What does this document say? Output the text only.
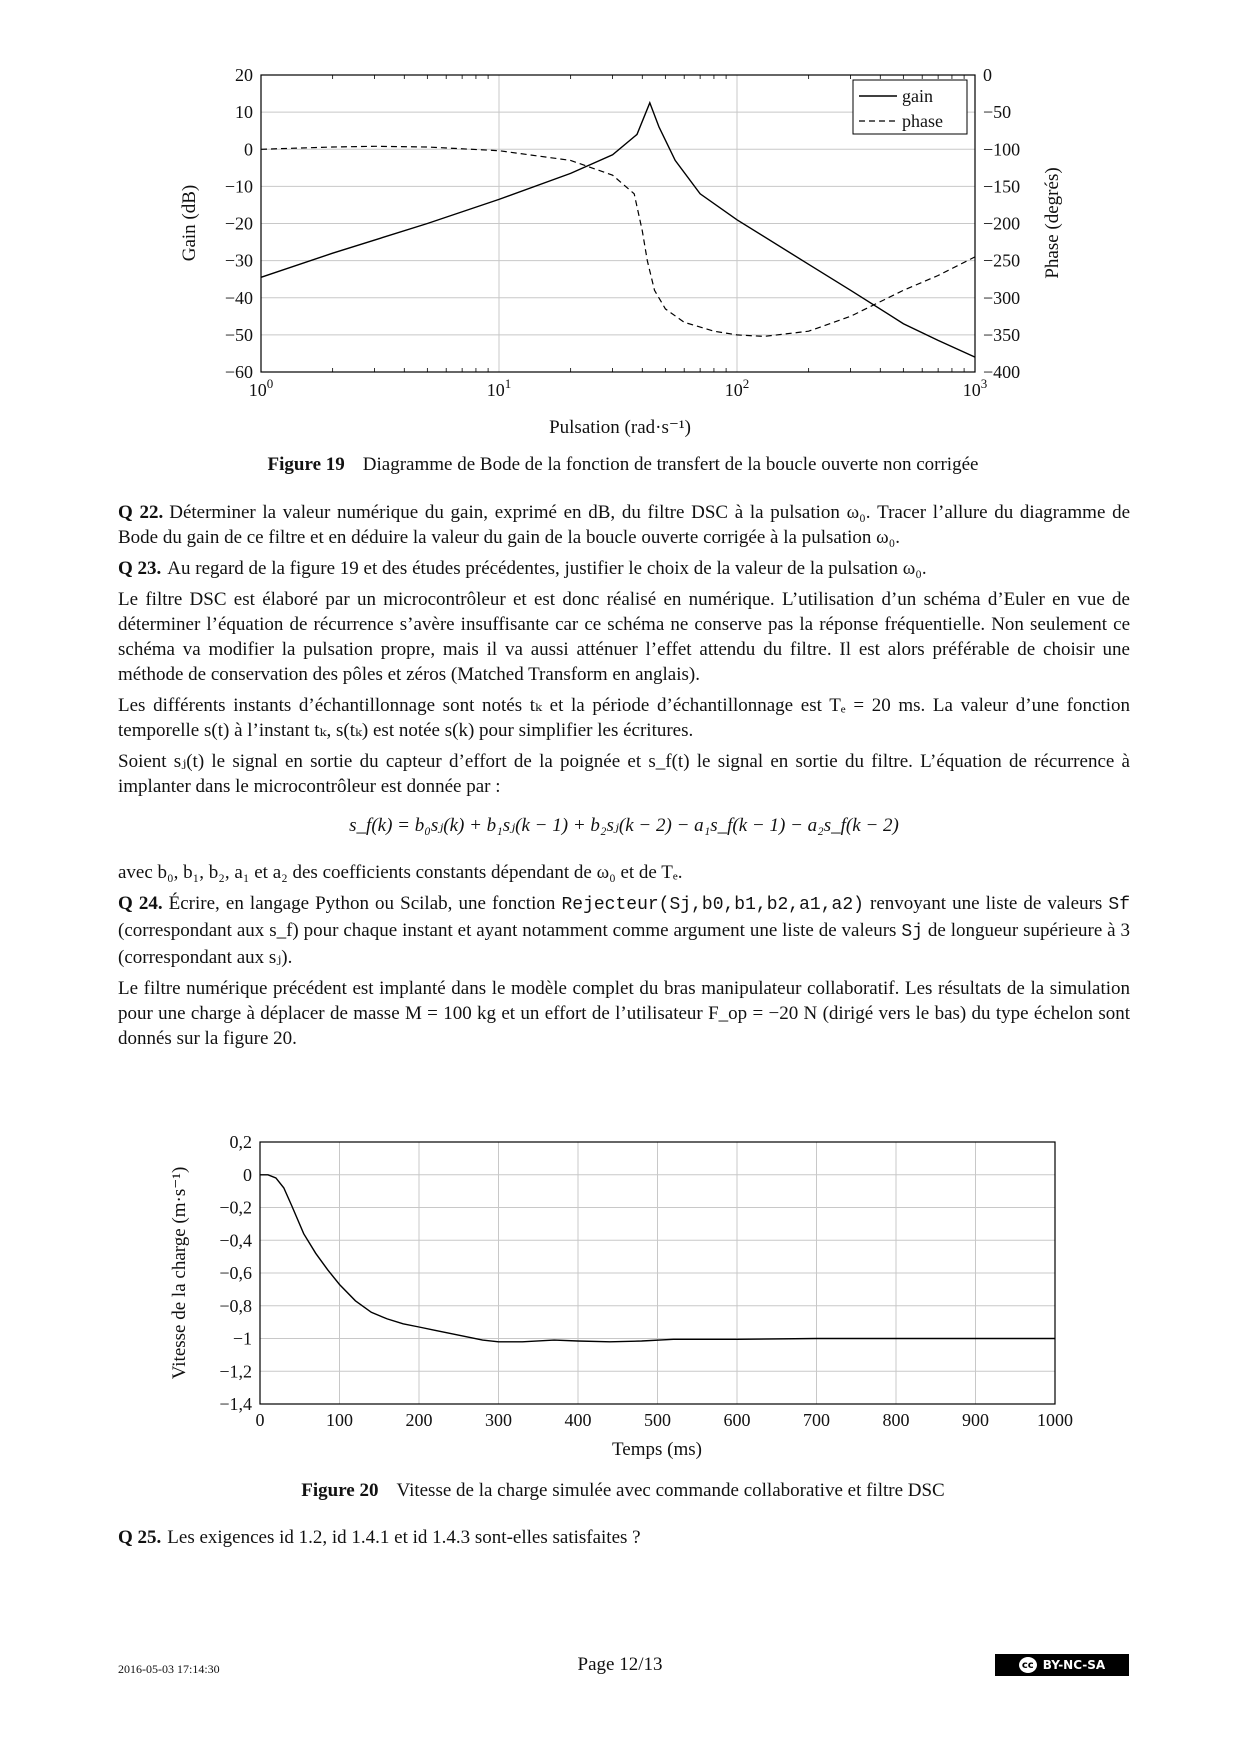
20	0
10	−50
0	−100
−10	−150
−20	−200
−30	−250
−40	−300
−50	−350
−60	−400
$10^0$	$10^1$	$10^2$	$10^3$
gain
phase
Gain (dB)	Phase (degrés)
Pulsation (rad·s⁻¹)
Figure 19 Diagramme de Bode de la fonction de transfert de la boucle ouverte non corrigée

Q 22. Déterminer la valeur numérique du gain, exprimé en dB, du filtre DSC à la pulsation ω₀. Tracer l’allure du diagramme de Bode du gain de ce filtre et en déduire la valeur du gain de la boucle ouverte corrigée à la pulsation ω₀.

Q 23. Au regard de la figure 19 et des études précédentes, justifier le choix de la valeur de la pulsation ω₀.

Le filtre DSC est élaboré par un microcontrôleur et est donc réalisé en numérique. L’utilisation d’un schéma d’Euler en vue de déterminer l’équation de récurrence s’avère insuffisante car ce schéma ne conserve pas la réponse fréquentielle. Non seulement ce schéma va modifier la pulsation propre, mais il va aussi atténuer l’effet attendu du filtre. Il est alors préférable de choisir une méthode de conservation des pôles et zéros (Matched Transform en anglais).

Les différents instants d’échantillonnage sont notés tₖ et la période d’échantillonnage est Tₑ = 20 ms. La valeur d’une fonction temporelle s(t) à l’instant tₖ, s(tₖ) est notée s(k) pour simplifier les écritures.

Soient sⱼ(t) le signal en sortie du capteur d’effort de la poignée et s_f(t) le signal en sortie du filtre. L’équation de récurrence à implanter dans le microcontrôleur est donnée par :

s_f(k) = b₀sⱼ(k) + b₁sⱼ(k − 1) + b₂sⱼ(k − 2) − a₁s_f(k − 1) − a₂s_f(k − 2)

avec b₀, b₁, b₂, a₁ et a₂ des coefficients constants dépendant de ω₀ et de Tₑ.

Q 24. Écrire, en langage Python ou Scilab, une fonction Rejecteur(Sj,b0,b1,b2,a1,a2) renvoyant une liste de valeurs Sf (correspondant aux s_f) pour chaque instant et ayant notamment comme argument une liste de valeurs Sj de longueur supérieure à 3 (correspondant aux sⱼ).

Le filtre numérique précédent est implanté dans le modèle complet du bras manipulateur collaboratif. Les résultats de la simulation pour une charge à déplacer de masse M = 100 kg et un effort de l’utilisateur F_op = −20 N (dirigé vers le bas) du type échelon sont donnés sur la figure 20.

0,2
0
−0,2
−0,4
−0,6
−0,8
−1
−1,2
−1,4
0	100	200	300	400	500	600	700	800	900	1000
Vitesse de la charge (m·s⁻¹)
Temps (ms)
Figure 20 Vitesse de la charge simulée avec commande collaborative et filtre DSC

Q 25. Les exigences id 1.2, id 1.4.1 et id 1.4.3 sont-elles satisfaites ?

2016-05-03 17:14:30	Page 12/13	cc BY-NC-SA
